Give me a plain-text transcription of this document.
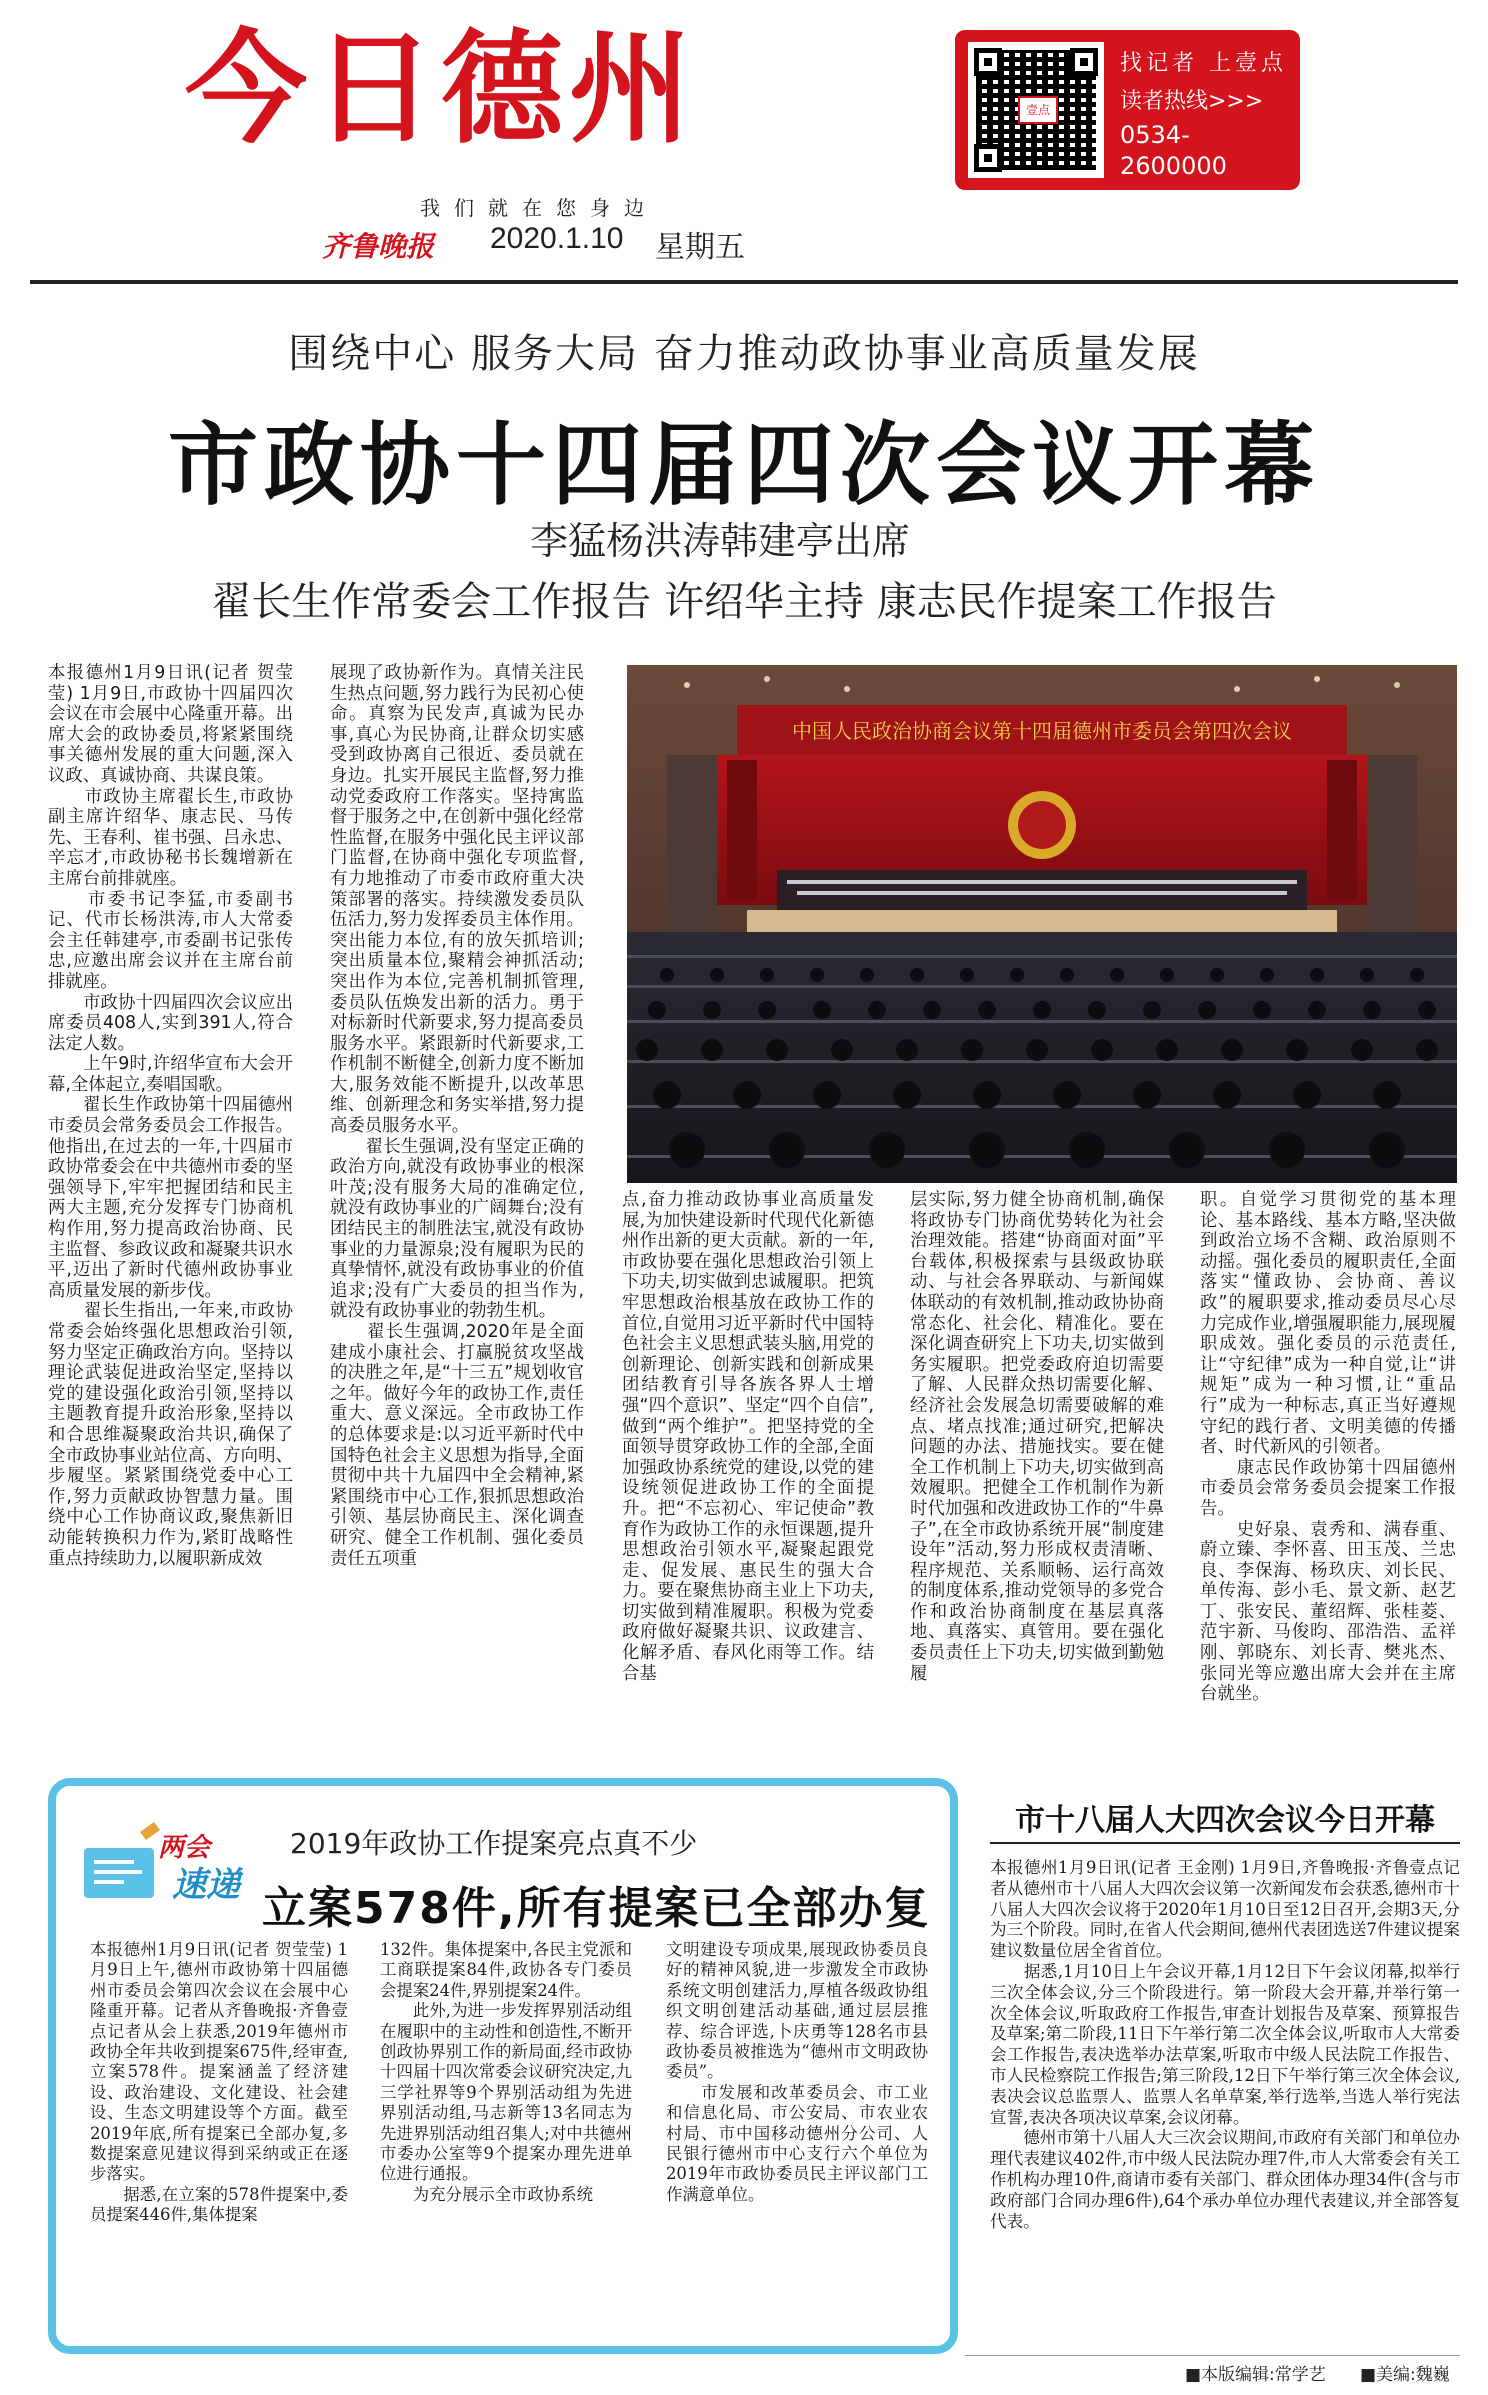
今日德州
我们就在您身边
齐鲁晚报 2020.1.10 星期五
壹点
找记者 上壹点
读者热线>>>
0534-2600000
围绕中心 服务大局 奋力推动政协事业高质量发展
市政协十四届四次会议开幕
李猛杨洪涛韩建亭出席
翟长生作常委会工作报告 许绍华主持 康志民作提案工作报告
本报德州1月9日讯(记者 贺莹莹) 1月9日,市政协十四届四次会议在市会展中心隆重开幕。出席大会的政协委员,将紧紧围绕事关德州发展的重大问题,深入议政、真诚协商、共谋良策。
　　市政协主席翟长生,市政协副主席许绍华、康志民、马传先、王春利、崔书强、吕永忠、辛忘才,市政协秘书长魏增新在主席台前排就座。
　　市委书记李猛,市委副书记、代市长杨洪涛,市人大常委会主任韩建亭,市委副书记张传忠,应邀出席会议并在主席台前排就座。
　　市政协十四届四次会议应出席委员408人,实到391人,符合法定人数。
　　上午9时,许绍华宣布大会开幕,全体起立,奏唱国歌。
　　翟长生作政协第十四届德州市委员会常务委员会工作报告。他指出,在过去的一年,十四届市政协常委会在中共德州市委的坚强领导下,牢牢把握团结和民主两大主题,充分发挥专门协商机构作用,努力提高政治协商、民主监督、参政议政和凝聚共识水平,迈出了新时代德州政协事业高质量发展的新步伐。
　　翟长生指出,一年来,市政协常委会始终强化思想政治引领,努力坚定正确政治方向。坚持以理论武装促进政治坚定,坚持以党的建设强化政治引领,坚持以主题教育提升政治形象,坚持以和合思维凝聚政治共识,确保了全市政协事业站位高、方向明、步履坚。紧紧围绕党委中心工作,努力贡献政协智慧力量。围绕中心工作协商议政,聚焦新旧动能转换积力作为,紧盯战略性重点持续助力,以履职新成效
展现了政协新作为。真情关注民生热点问题,努力践行为民初心使命。真察为民发声,真诚为民办事,真心为民协商,让群众切实感受到政协离自己很近、委员就在身边。扎实开展民主监督,努力推动党委政府工作落实。坚持寓监督于服务之中,在创新中强化经常性监督,在服务中强化民主评议部门监督,在协商中强化专项监督,有力地推动了市委市政府重大决策部署的落实。持续激发委员队伍活力,努力发挥委员主体作用。突出能力本位,有的放矢抓培训;突出质量本位,聚精会神抓活动;突出作为本位,完善机制抓管理,委员队伍焕发出新的活力。勇于对标新时代新要求,努力提高委员服务水平。紧跟新时代新要求,工作机制不断健全,创新力度不断加大,服务效能不断提升,以改革思维、创新理念和务实举措,努力提高委员服务水平。
　　翟长生强调,没有坚定正确的政治方向,就没有政协事业的根深叶茂;没有服务大局的准确定位,就没有政协事业的广阔舞台;没有团结民主的制胜法宝,就没有政协事业的力量源泉;没有履职为民的真挚情怀,就没有政协事业的价值追求;没有广大委员的担当作为,就没有政协事业的勃勃生机。
　　翟长生强调,2020年是全面建成小康社会、打赢脱贫攻坚战的决胜之年,是“十三五”规划收官之年。做好今年的政协工作,责任重大、意义深远。全市政协工作的总体要求是:以习近平新时代中国特色社会主义思想为指导,全面贯彻中共十九届四中全会精神,紧紧围绕市中心工作,狠抓思想政治引领、基层协商民主、深化调查研究、健全工作机制、强化委员责任五项重
中国人民政治协商会议第十四届德州市委员会第四次会议
点,奋力推动政协事业高质量发展,为加快建设新时代现代化新德州作出新的更大贡献。新的一年,市政协要在强化思想政治引领上下功夫,切实做到忠诚履职。把筑牢思想政治根基放在政协工作的首位,自觉用习近平新时代中国特色社会主义思想武装头脑,用党的创新理论、创新实践和创新成果团结教育引导各族各界人士增强“四个意识”、坚定“四个自信”,做到“两个维护”。把坚持党的全面领导贯穿政协工作的全部,全面加强政协系统党的建设,以党的建设统领促进政协工作的全面提升。把“不忘初心、牢记使命”教育作为政协工作的永恒课题,提升思想政治引领水平,凝聚起跟党走、促发展、惠民生的强大合力。要在聚焦协商主业上下功夫,切实做到精准履职。积极为党委政府做好凝聚共识、议政建言、化解矛盾、春风化雨等工作。结合基
层实际,努力健全协商机制,确保将政协专门协商优势转化为社会治理效能。搭建“协商面对面”平台载体,积极探索与县级政协联动、与社会各界联动、与新闻媒体联动的有效机制,推动政协协商常态化、社会化、精准化。要在深化调查研究上下功夫,切实做到务实履职。把党委政府迫切需要了解、人民群众热切需要化解、经济社会发展急切需要破解的难点、堵点找准;通过研究,把解决问题的办法、措施找实。要在健全工作机制上下功夫,切实做到高效履职。把健全工作机制作为新时代加强和改进政协工作的“牛鼻子”,在全市政协系统开展“制度建设年”活动,努力形成权责清晰、程序规范、关系顺畅、运行高效的制度体系,推动党领导的多党合作和政治协商制度在基层真落地、真落实、真管用。要在强化委员责任上下功夫,切实做到勤勉履
职。自觉学习贯彻党的基本理论、基本路线、基本方略,坚决做到政治立场不含糊、政治原则不动摇。强化委员的履职责任,全面落实“懂政协、会协商、善议政”的履职要求,推动委员尽心尽力完成作业,增强履职能力,展现履职成效。强化委员的示范责任,让“守纪律”成为一种自觉,让“讲规矩”成为一种习惯,让“重品行”成为一种标志,真正当好遵规守纪的践行者、文明美德的传播者、时代新风的引领者。
　　康志民作政协第十四届德州市委员会常务委员会提案工作报告。
　　史好泉、袁秀和、满春重、蔚立臻、李怀喜、田玉茂、兰忠良、李保海、杨玖庆、刘长民、单传海、彭小毛、景文新、赵艺丁、张安民、董绍辉、张桂菱、范宇新、马俊昀、邵浩浩、孟祥刚、郭晓东、刘长青、樊兆杰、张同光等应邀出席大会并在主席台就坐。
两会
速递
2019年政协工作提案亮点真不少
立案578件,所有提案已全部办复
本报德州1月9日讯(记者 贺莹莹) 1月9日上午,德州市政协第十四届德州市委员会第四次会议在会展中心隆重开幕。记者从齐鲁晚报·齐鲁壹点记者从会上获悉,2019年德州市政协全年共收到提案675件,经审查,立案578件。提案涵盖了经济建设、政治建设、文化建设、社会建设、生态文明建设等个方面。截至2019年底,所有提案已全部办复,多数提案意见建议得到采纳或正在逐步落实。
　　据悉,在立案的578件提案中,委员提案446件,集体提案
132件。集体提案中,各民主党派和工商联提案84件,政协各专门委员会提案24件,界别提案24件。
　　此外,为进一步发挥界别活动组在履职中的主动性和创造性,不断开创政协界别工作的新局面,经市政协十四届十四次常委会议研究决定,九三学社界等9个界别活动组为先进界别活动组,马志新等13名同志为先进界别活动组召集人;对中共德州市委办公室等9个提案办理先进单位进行通报。
　　为充分展示全市政协系统
文明建设专项成果,展现政协委员良好的精神风貌,进一步激发全市政协系统文明创建活力,厚植各级政协组织文明创建活动基础,通过层层推荐、综合评选,卜庆勇等128名市县政协委员被推选为“德州市文明政协委员”。
　　市发展和改革委员会、市工业和信息化局、市公安局、市农业农村局、市中国移动德州分公司、人民银行德州市中心支行六个单位为2019年市政协委员民主评议部门工作满意单位。
市十八届人大四次会议今日开幕
本报德州1月9日讯(记者 王金刚) 1月9日,齐鲁晚报·齐鲁壹点记者从德州市十八届人大四次会议第一次新闻发布会获悉,德州市十八届人大四次会议将于2020年1月10日至12日召开,会期3天,分为三个阶段。同时,在省人代会期间,德州代表团选送7件建议提案建议数量位居全省首位。
　　据悉,1月10日上午会议开幕,1月12日下午会议闭幕,拟举行三次全体会议,分三个阶段进行。第一阶段大会开幕,并举行第一次全体会议,听取政府工作报告,审查计划报告及草案、预算报告及草案;第二阶段,11日下午举行第二次全体会议,听取市人大常委会工作报告,表决选举办法草案,听取市中级人民法院工作报告、市人民检察院工作报告;第三阶段,12日下午举行第三次全体会议,表决会议总监票人、监票人名单草案,举行选举,当选人举行宪法宣誓,表决各项决议草案,会议闭幕。
　　德州市第十八届人大三次会议期间,市政府有关部门和单位办理代表建议402件,市中级人民法院办理7件,市人大常委会有关工作机构办理10件,商请市委有关部门、群众团体办理34件(含与市政府部门合同办理6件),64个承办单位办理代表建议,并全部答复代表。
■本版编辑:常学艺 ■美编:魏巍
